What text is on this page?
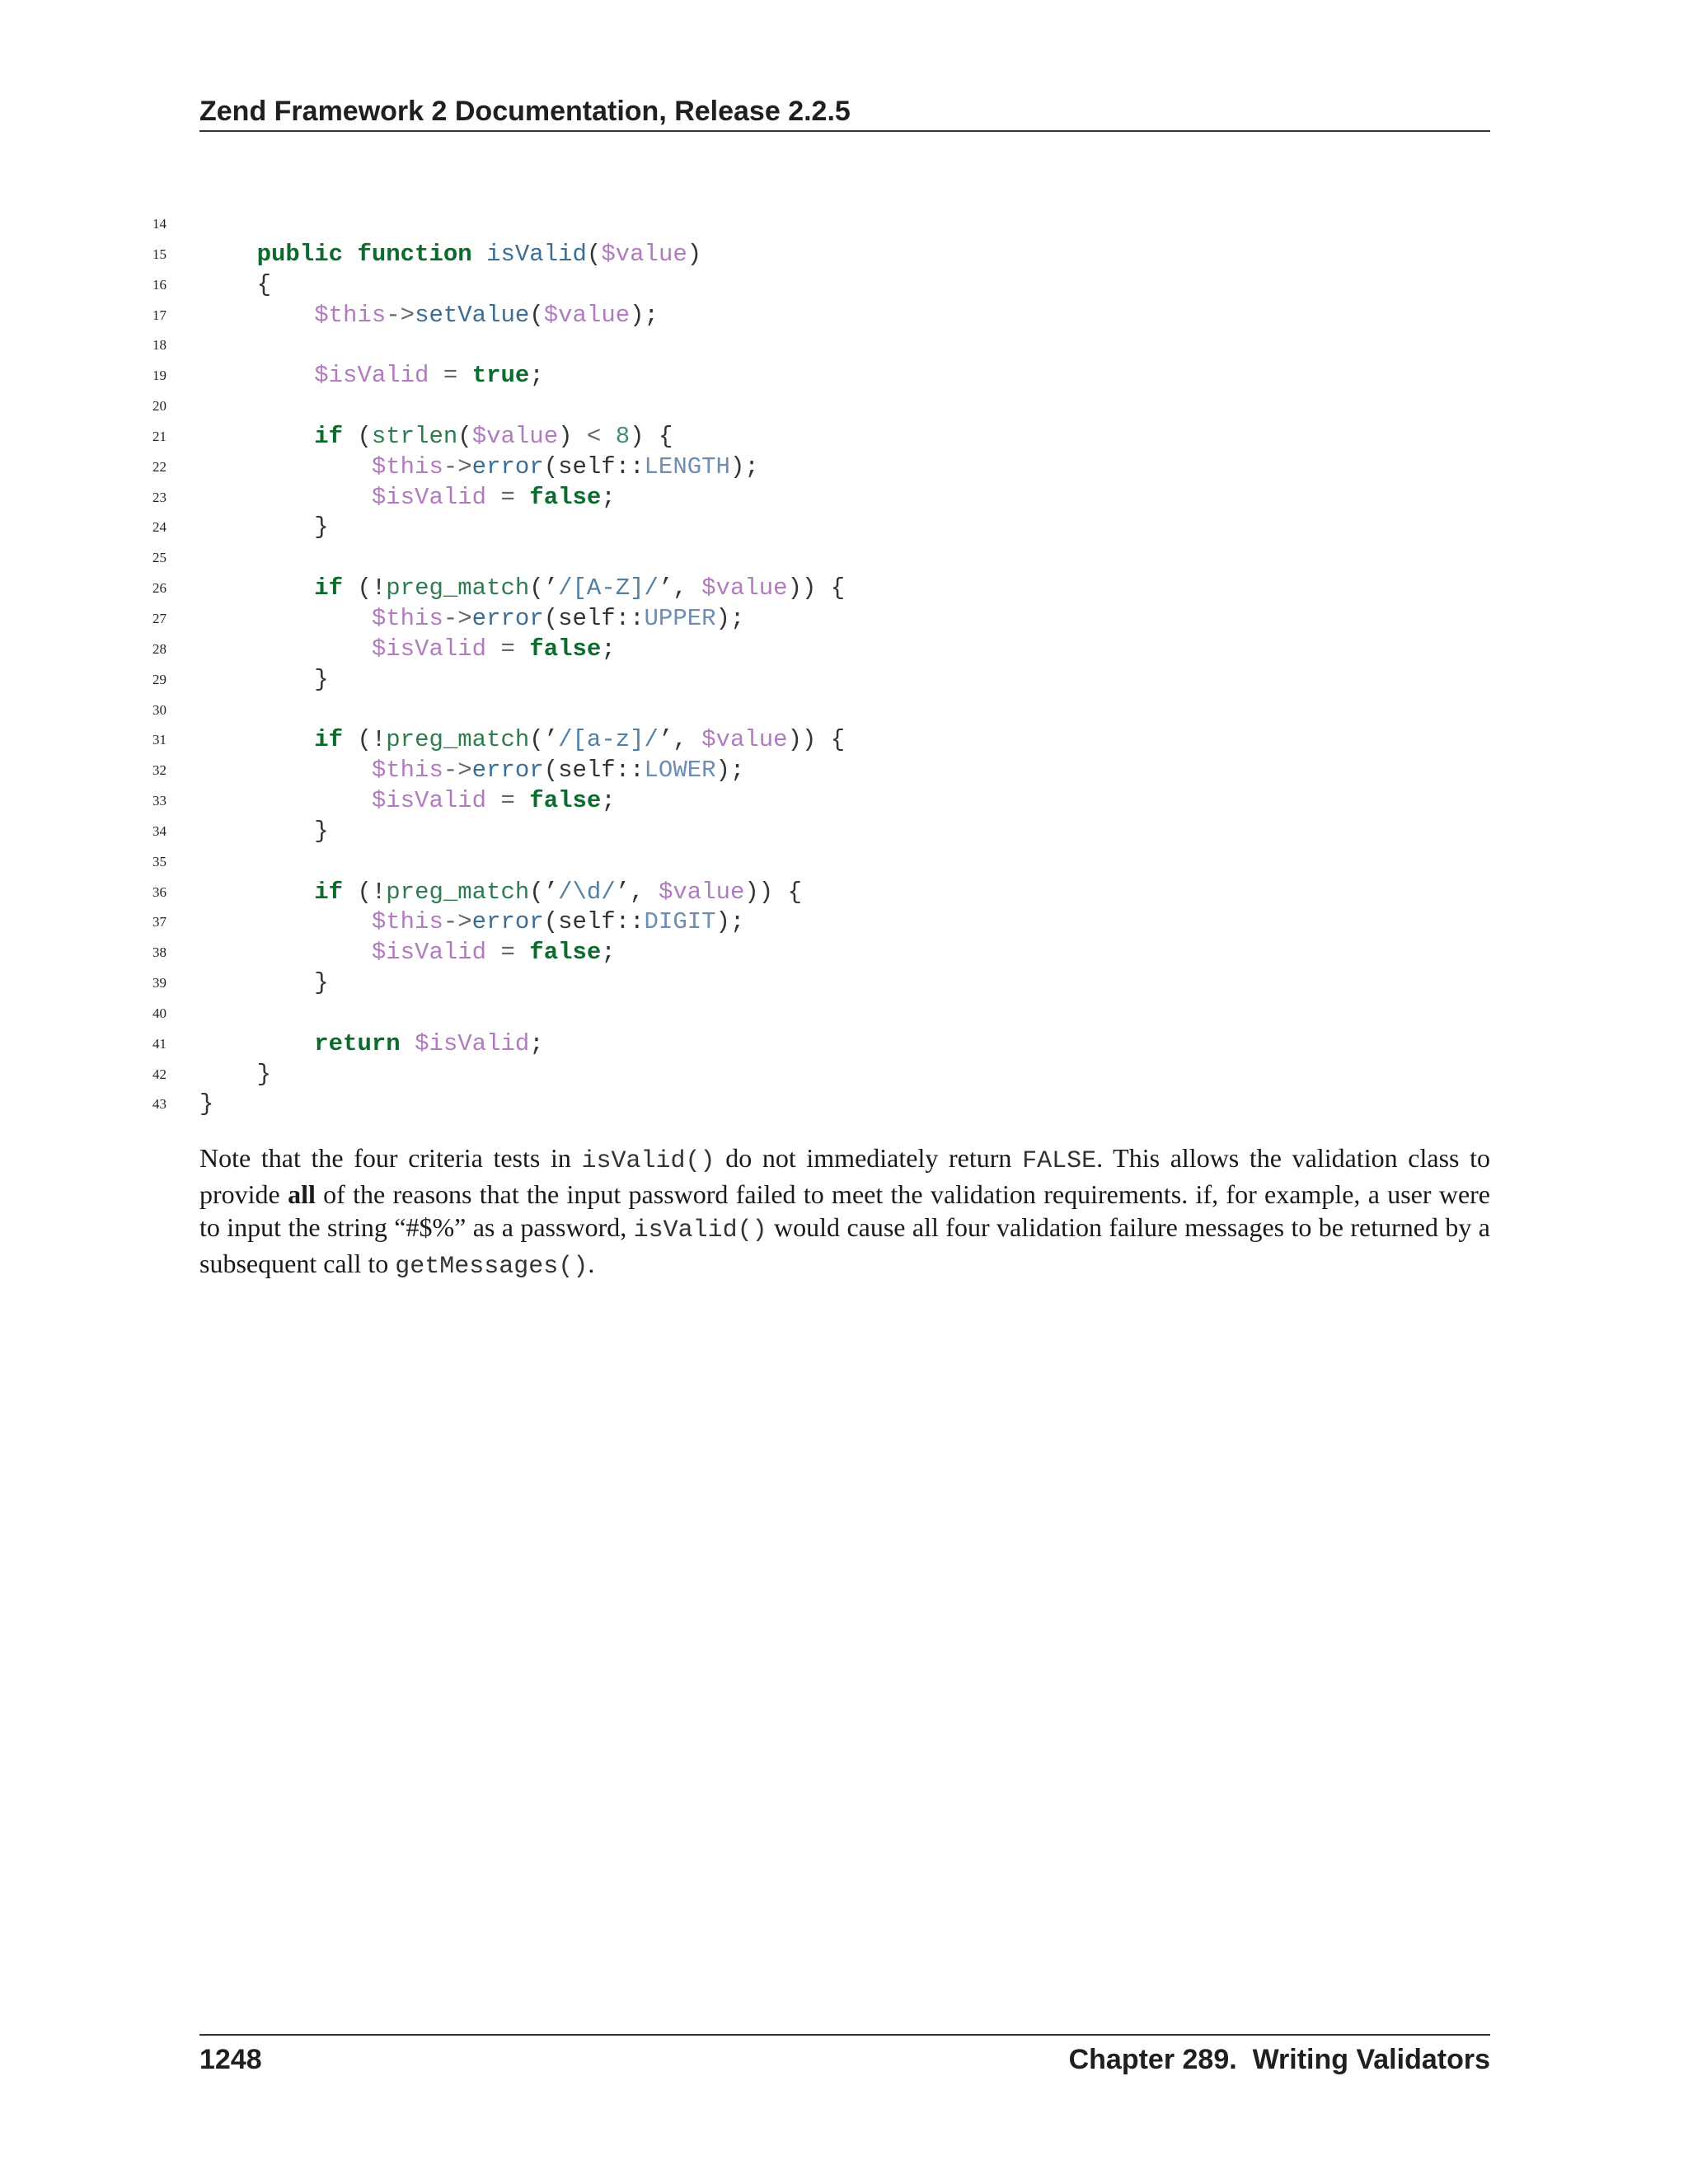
Zend Framework 2 Documentation, Release 2.2.5
14
15	public function isValid($value)
16 {
17	$this->setValue($value);
18
19	$isValid = true;
20
21	if (strlen($value) < 8) {
22	$this->error(self::LENGTH);
23	$isValid = false;
24 }
25
26	if (!preg_match(’/[A-Z]/’, $value)) {
27	$this->error(self::UPPER);
28	$isValid = false;
29 }
30
31	if (!preg_match(’/[a-z]/’, $value)) {
32	$this->error(self::LOWER);
33	$isValid = false;
34 }
35
36	if (!preg_match(’/\d/’, $value)) {
37	$this->error(self::DIGIT);
38	$isValid = false;
39 }
40
41	return $isValid;
42 }
43 }
Note that the four criteria tests in isValid() do not immediately return FALSE. This allows the validation class to provide all of the reasons that the input password failed to meet the validation requirements. if, for example, a user were to input the string “#$%” as a password, isValid() would cause all four validation failure messages to be returned by a subsequent call to getMessages().
1248	Chapter 289.  Writing Validators
